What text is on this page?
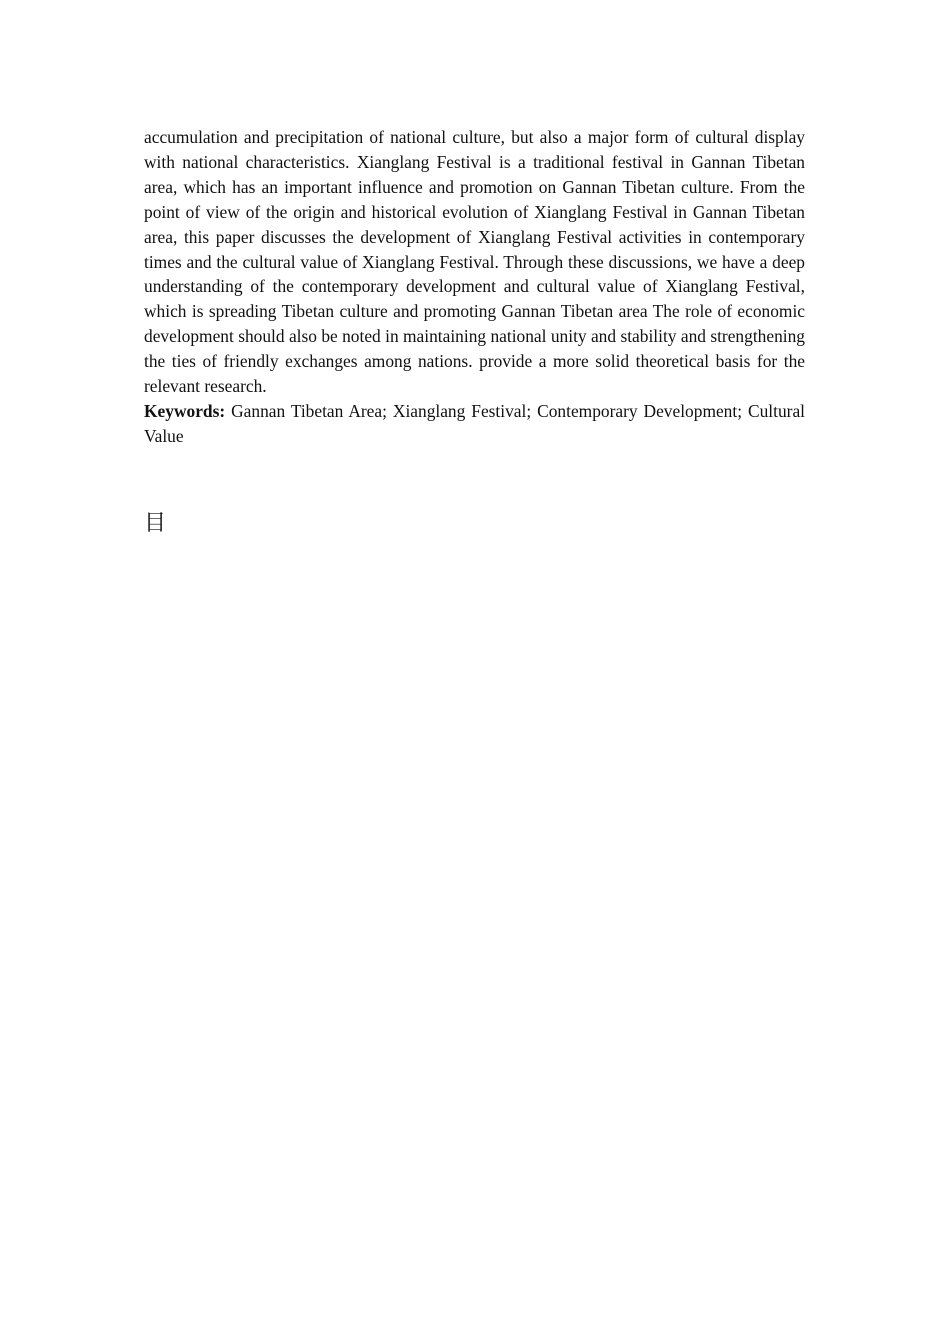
accumulation and precipitation of national culture, but also a major form of cultural display with national characteristics. Xianglang Festival is a traditional festival in Gannan Tibetan area, which has an important influence and promotion on Gannan Tibetan culture. From the point of view of the origin and historical evolution of Xianglang Festival in Gannan Tibetan area, this paper discusses the development of Xianglang Festival activities in contemporary times and the cultural value of Xianglang Festival. Through these discussions, we have a deep understanding of the contemporary development and cultural value of Xianglang Festival, which is spreading Tibetan culture and promoting Gannan Tibetan area The role of economic development should also be noted in maintaining national unity and stability and strengthening the ties of friendly exchanges among nations. provide a more solid theoretical basis for the relevant research.

Keywords: Gannan Tibetan Area; Xianglang Festival; Contemporary Development; Cultural Value

目
